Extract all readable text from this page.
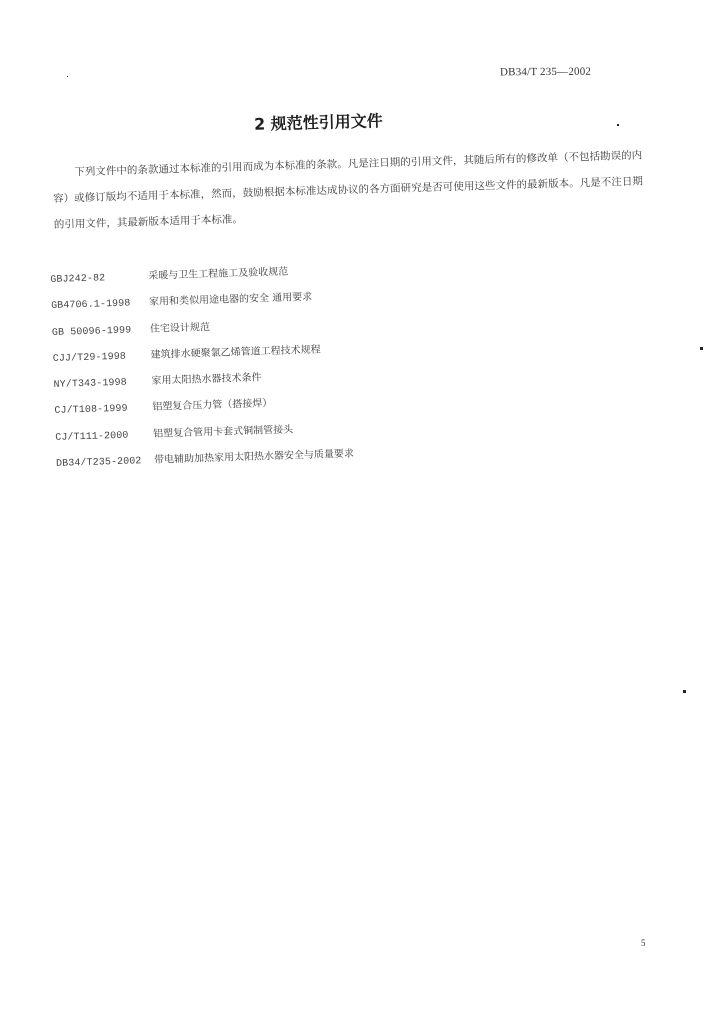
DB34/T 235—2002
2 规范性引用文件
下列文件中的条款通过本标准的引用而成为本标准的条款。凡是注日期的引用文件，其随后所有的修改单（不包括勘误的内容）或修订版均不适用于本标准，然而，鼓励根据本标准达成协议的各方面研究是否可使用这些文件的最新版本。凡是不注日期的引用文件，其最新版本适用于本标准。
GBJ242-82	采暖与卫生工程施工及验收规范
GB4706.1-1998	家用和类似用途电器的安全 通用要求
GB 50096-1999	住宅设计规范
CJJ/T29-1998	建筑排水硬聚氯乙烯管道工程技术规程
NY/T343-1998	家用太阳热水器技术条件
CJ/T108-1999	铝塑复合压力管（搭接焊）
CJ/T111-2000	铝塑复合管用卡套式铜制管接头
DB34/T235-2002	带电辅助加热家用太阳热水器安全与质量要求
5
